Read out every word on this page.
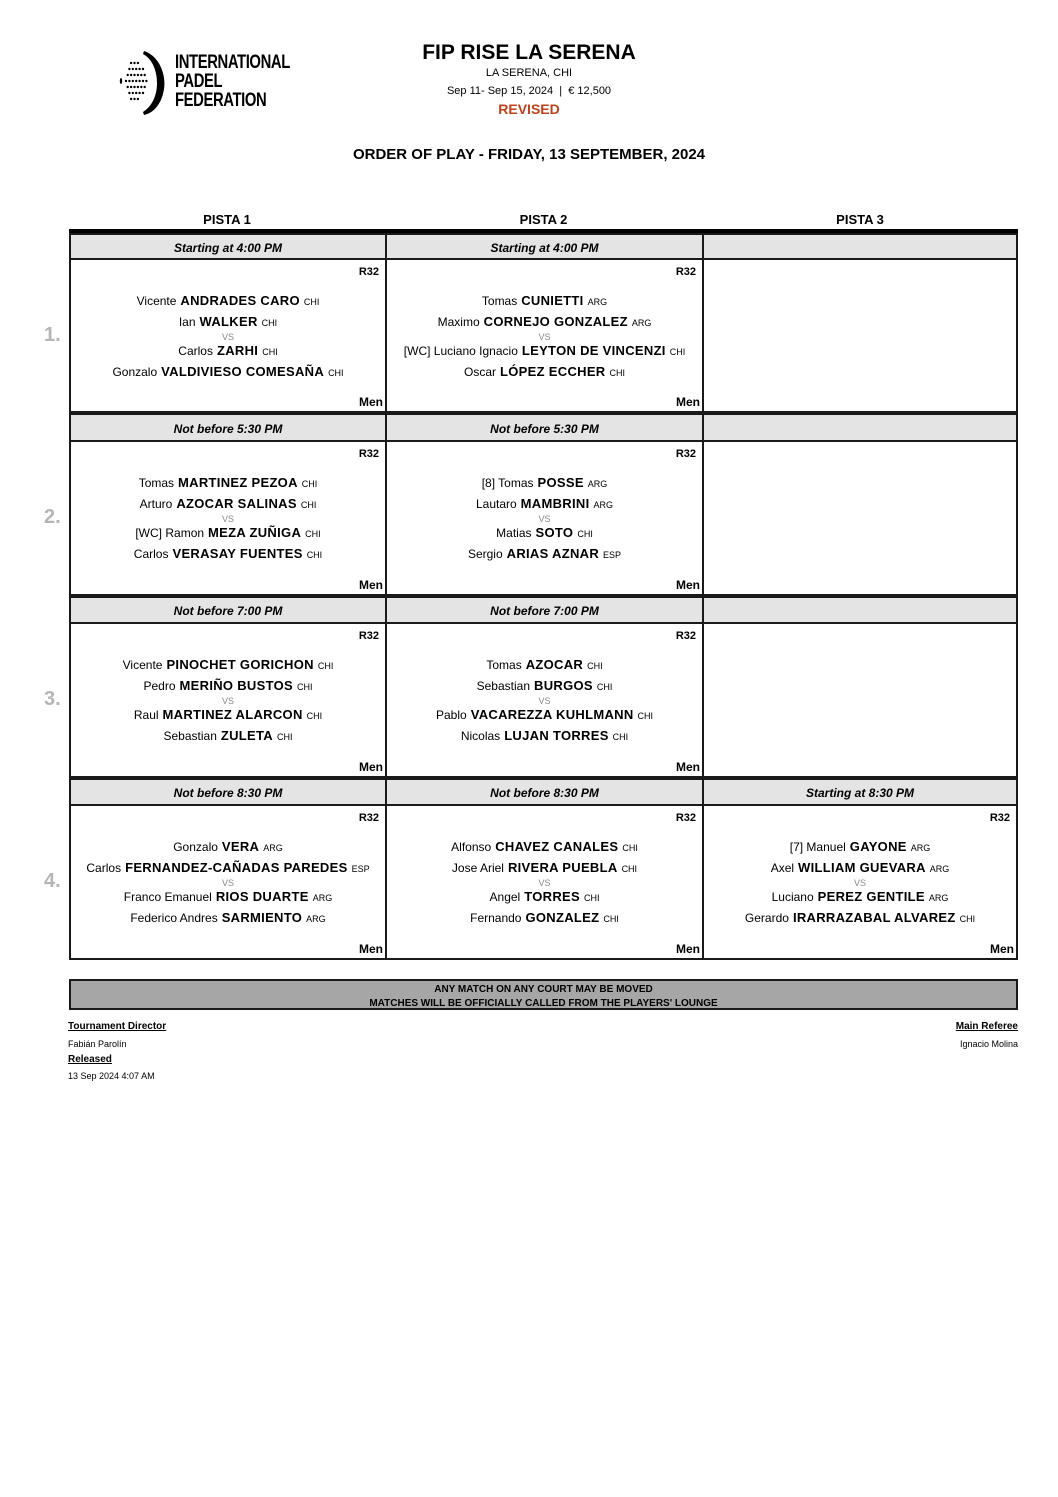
INTERNATIONAL
PADEL
FEDERATION
FIP RISE LA SERENA
LA SERENA, CHI
Sep 11- Sep 15, 2024  |  € 12,500
REVISED
ORDER OF PLAY - FRIDAY, 13 SEPTEMBER, 2024
PISTA 1	PISTA 2	PISTA 3
1.
Starting at 4:00 PM
R32
Vicente ANDRADES CARO CHI
Ian WALKER CHI
VS
Carlos ZARHI CHI
Gonzalo VALDIVIESO COMESAÑA CHI
Men
Starting at 4:00 PM
R32
Tomas CUNIETTI ARG
Maximo CORNEJO GONZALEZ ARG
VS
[WC] Luciano Ignacio LEYTON DE VINCENZI CHI
Oscar LÓPEZ ECCHER CHI
Men
2.
Not before 5:30 PM
R32
Tomas MARTINEZ PEZOA CHI
Arturo AZOCAR SALINAS CHI
VS
[WC] Ramon MEZA ZUÑIGA CHI
Carlos VERASAY FUENTES CHI
Men
Not before 5:30 PM
R32
[8] Tomas POSSE ARG
Lautaro MAMBRINI ARG
VS
Matias SOTO CHI
Sergio ARIAS AZNAR ESP
Men
3.
Not before 7:00 PM
R32
Vicente PINOCHET GORICHON CHI
Pedro MERIÑO BUSTOS CHI
VS
Raul MARTINEZ ALARCON CHI
Sebastian ZULETA CHI
Men
Not before 7:00 PM
R32
Tomas AZOCAR CHI
Sebastian BURGOS CHI
VS
Pablo VACAREZZA KUHLMANN CHI
Nicolas LUJAN TORRES CHI
Men
4.
Not before 8:30 PM
R32
Gonzalo VERA ARG
Carlos FERNANDEZ-CAÑADAS PAREDES ESP
VS
Franco Emanuel RIOS DUARTE ARG
Federico Andres SARMIENTO ARG
Men
Not before 8:30 PM
R32
Alfonso CHAVEZ CANALES CHI
Jose Ariel RIVERA PUEBLA CHI
VS
Angel TORRES CHI
Fernando GONZALEZ CHI
Men
Starting at 8:30 PM
R32
[7] Manuel GAYONE ARG
Axel WILLIAM GUEVARA ARG
VS
Luciano PEREZ GENTILE ARG
Gerardo IRARRAZABAL ALVAREZ CHI
Men
ANY MATCH ON ANY COURT MAY BE MOVED
MATCHES WILL BE OFFICIALLY CALLED FROM THE PLAYERS' LOUNGE
Tournament Director
Fabián Parolín
Released
13 Sep 2024 4:07 AM
Main Referee
Ignacio Molina
